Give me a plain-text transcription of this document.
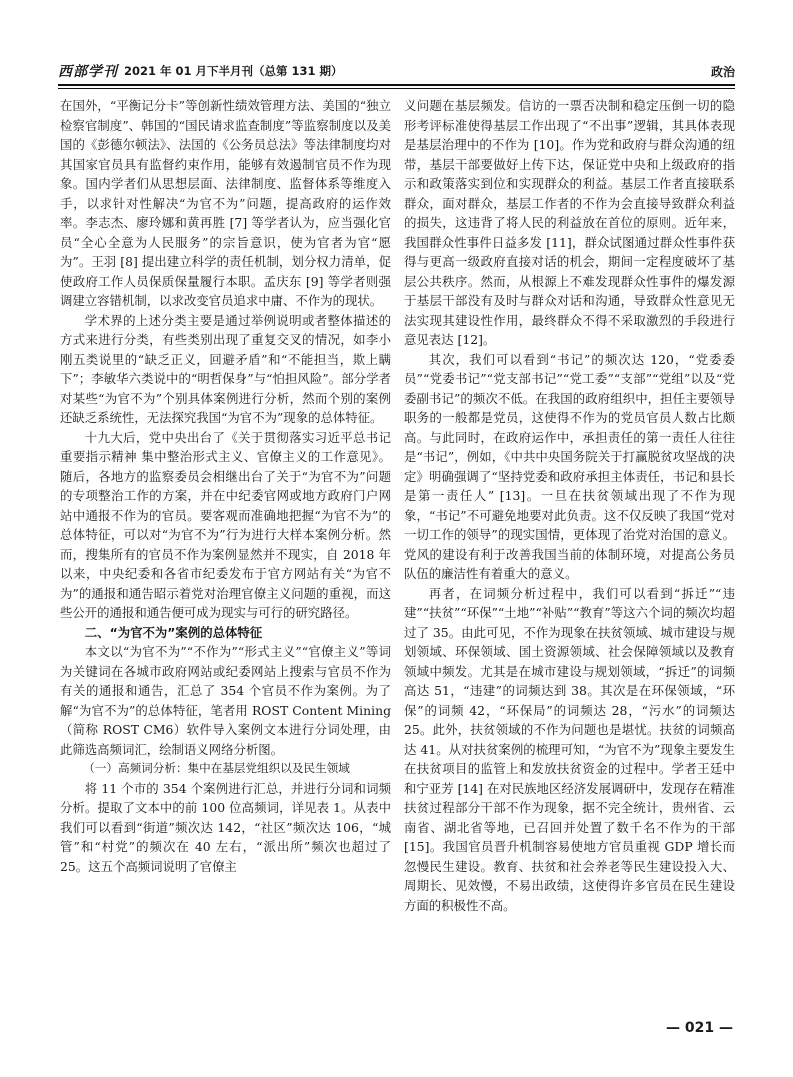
西部学刊 2021 年 01 月下半月刊（总第 131 期）	政治

在国外，“平衡记分卡”等创新性绩效管理方法、美国的“独立检察官制度”、韩国的“国民请求监查制度”等监察制度以及美国的《彭德尔顿法》、法国的《公务员总法》等法律制度均对其国家官员具有监督约束作用，能够有效遏制官员不作为现象。国内学者们从思想层面、法律制度、监督体系等维度入手，以求针对性解决“为官不为”问题，提高政府的运作效率。李志杰、廖玲娜和黄再胜 [7] 等学者认为，应当强化官员“全心全意为人民服务”的宗旨意识，使为官者为官“愿为”。王羽 [8] 提出建立科学的责任机制，划分权力清单，促使政府工作人员保质保量履行本职。孟庆东 [9] 等学者则强调建立容错机制，以求改变官员追求中庸、不作为的现状。

学术界的上述分类主要是通过举例说明或者整体描述的方式来进行分类，有些类别出现了重复交叉的情况，如李小刚五类说里的“缺乏正义，回避矛盾”和“不能担当，欺上瞒下”；李敏华六类说中的“明哲保身”与“怕担风险”。部分学者对某些“为官不为”个别具体案例进行分析，然而个别的案例还缺乏系统性，无法探究我国“为官不为”现象的总体特征。

十九大后，党中央出台了《关于贯彻落实习近平总书记重要指示精神 集中整治形式主义、官僚主义的工作意见》。随后，各地方的监察委员会相继出台了关于“为官不为”问题的专项整治工作的方案，并在中纪委官网或地方政府门户网站中通报不作为的官员。要客观而准确地把握“为官不为”的总体特征，可以对“为官不为”行为进行大样本案例分析。然而，搜集所有的官员不作为案例显然并不现实，自 2018 年以来，中央纪委和各省市纪委发布于官方网站有关“为官不为”的通报和通告昭示着党对治理官僚主义问题的重视，而这些公开的通报和通告便可成为现实与可行的研究路径。

二、“为官不为”案例的总体特征

本文以“为官不为”“不作为”“形式主义”“官僚主义”等词为关键词在各城市政府网站或纪委网站上搜索与官员不作为有关的通报和通告，汇总了 354 个官员不作为案例。为了解“为官不为”的总体特征，笔者用 ROST Content Mining（简称 ROST CM6）软件导入案例文本进行分词处理，由此筛选高频词汇，绘制语义网络分析图。

（一）高频词分析：集中在基层党组织以及民生领域

将 11 个市的 354 个案例进行汇总，并进行分词和词频分析。提取了文本中的前 100 位高频词，详见表 1。从表中我们可以看到“街道”频次达 142，“社区”频次达 106，“城管”和“村党”的频次在 40 左右，“派出所”频次也超过了 25。这五个高频词说明了官僚主

义问题在基层频发。信访的一票否决制和稳定压倒一切的隐形考评标准使得基层工作出现了“不出事”逻辑，其具体表现是基层治理中的不作为 [10]。作为党和政府与群众沟通的纽带，基层干部要做好上传下达，保证党中央和上级政府的指示和政策落实到位和实现群众的利益。基层工作者直接联系群众，面对群众，基层工作者的不作为会直接导致群众利益的损失，这违背了将人民的利益放在首位的原则。近年来，我国群众性事件日益多发 [11]，群众试图通过群众性事件获得与更高一级政府直接对话的机会，期间一定程度破坏了基层公共秩序。然而，从根源上不难发现群众性事件的爆发源于基层干部没有及时与群众对话和沟通，导致群众性意见无法实现其建设性作用，最终群众不得不采取激烈的手段进行意见表达 [12]。

其次，我们可以看到“书记”的频次达 120，“党委委员”“党委书记”“党支部书记”“党工委”“支部”“党组”以及“党委副书记”的频次不低。在我国的政府组织中，担任主要领导职务的一般都是党员，这使得不作为的党员官员人数占比颇高。与此同时，在政府运作中，承担责任的第一责任人往往是“书记”，例如，《中共中央国务院关于打赢脱贫攻坚战的决定》明确强调了“坚持党委和政府承担主体责任，书记和县长是第一责任人” [13]。一旦在扶贫领域出现了不作为现象，“书记”不可避免地要对此负责。这不仅反映了我国“党对一切工作的领导”的现实国情，更体现了治党对治国的意义。党风的建设有利于改善我国当前的体制环境，对提高公务员队伍的廉洁性有着重大的意义。

再者，在词频分析过程中，我们可以看到“拆迁”“违建”“扶贫”“环保”“土地”“补贴”“教育”等这六个词的频次均超过了 35。由此可见，不作为现象在扶贫领域、城市建设与规划领域、环保领域、国土资源领域、社会保障领域以及教育领域中频发。尤其是在城市建设与规划领域，“拆迁”的词频高达 51，“违建”的词频达到 38。其次是在环保领域，“环保”的词频 42，“环保局”的词频达 28，“污水”的词频达 25。此外，扶贫领域的不作为问题也是堪忧。扶贫的词频高达 41。从对扶贫案例的梳理可知，“为官不为”现象主要发生在扶贫项目的监管上和发放扶贫资金的过程中。学者王廷中和宁亚芳 [14] 在对民族地区经济发展调研中，发现存在精准扶贫过程部分干部不作为现象，据不完全统计，贵州省、云南省、湖北省等地，已召回并处置了数千名不作为的干部 [15]。我国官员晋升机制容易使地方官员重视 GDP 增长而忽慢民生建设。教育、扶贫和社会养老等民生建设投入大、周期长、见效慢，不易出政绩，这使得许多官员在民生建设方面的积极性不高。

— 021 —
